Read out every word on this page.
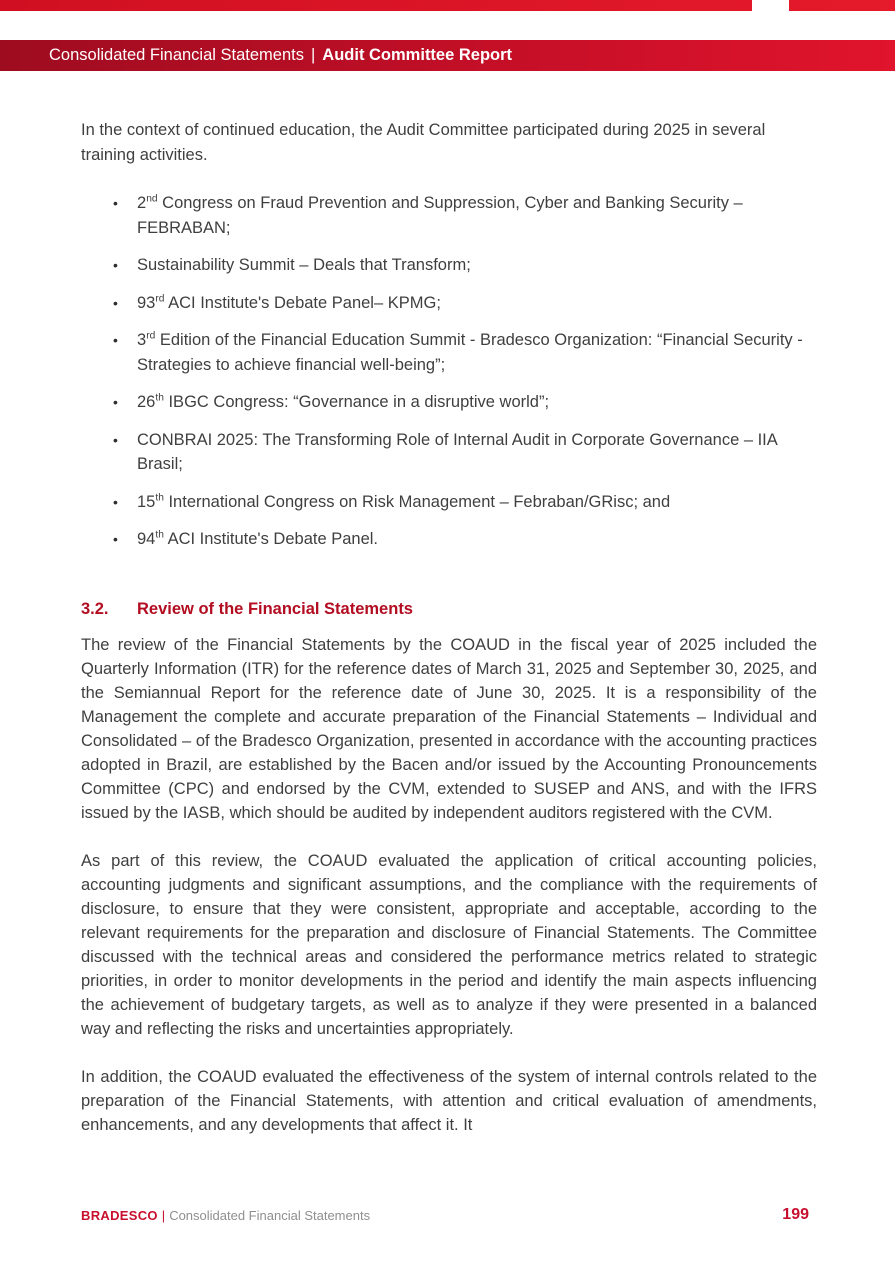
Consolidated Financial Statements | Audit Committee Report

In the context of continued education, the Audit Committee participated during 2025 in several training activities.

•	2nd Congress on Fraud Prevention and Suppression, Cyber and Banking Security – FEBRABAN;
•	Sustainability Summit – Deals that Transform;
•	93rd ACI Institute's Debate Panel– KPMG;
•	3rd Edition of the Financial Education Summit - Bradesco Organization: “Financial Security - Strategies to achieve financial well-being”;
•	26th IBGC Congress: “Governance in a disruptive world”;
•	CONBRAI 2025: The Transforming Role of Internal Audit in Corporate Governance – IIA Brasil;
•	15th International Congress on Risk Management – Febraban/GRisc; and
•	94th ACI Institute's Debate Panel.
3.2. Review of the Financial Statements

The review of the Financial Statements by the COAUD in the fiscal year of 2025 included the Quarterly Information (ITR) for the reference dates of March 31, 2025 and September 30, 2025, and the Semiannual Report for the reference date of June 30, 2025. It is a responsibility of the Management the complete and accurate preparation of the Financial Statements – Individual and Consolidated – of the Bradesco Organization, presented in accordance with the accounting practices adopted in Brazil, are established by the Bacen and/or issued by the Accounting Pronouncements Committee (CPC) and endorsed by the CVM, extended to SUSEP and ANS, and with the IFRS issued by the IASB, which should be audited by independent auditors registered with the CVM.

As part of this review, the COAUD evaluated the application of critical accounting policies, accounting judgments and significant assumptions, and the compliance with the requirements of disclosure, to ensure that they were consistent, appropriate and acceptable, according to the relevant requirements for the preparation and disclosure of Financial Statements. The Committee discussed with the technical areas and considered the performance metrics related to strategic priorities, in order to monitor developments in the period and identify the main aspects influencing the achievement of budgetary targets, as well as to analyze if they were presented in a balanced way and reflecting the risks and uncertainties appropriately.

In addition, the COAUD evaluated the effectiveness of the system of internal controls related to the preparation of the Financial Statements, with attention and critical evaluation of amendments, enhancements, and any developments that affect it. It

BRADESCO | Consolidated Financial Statements	199
